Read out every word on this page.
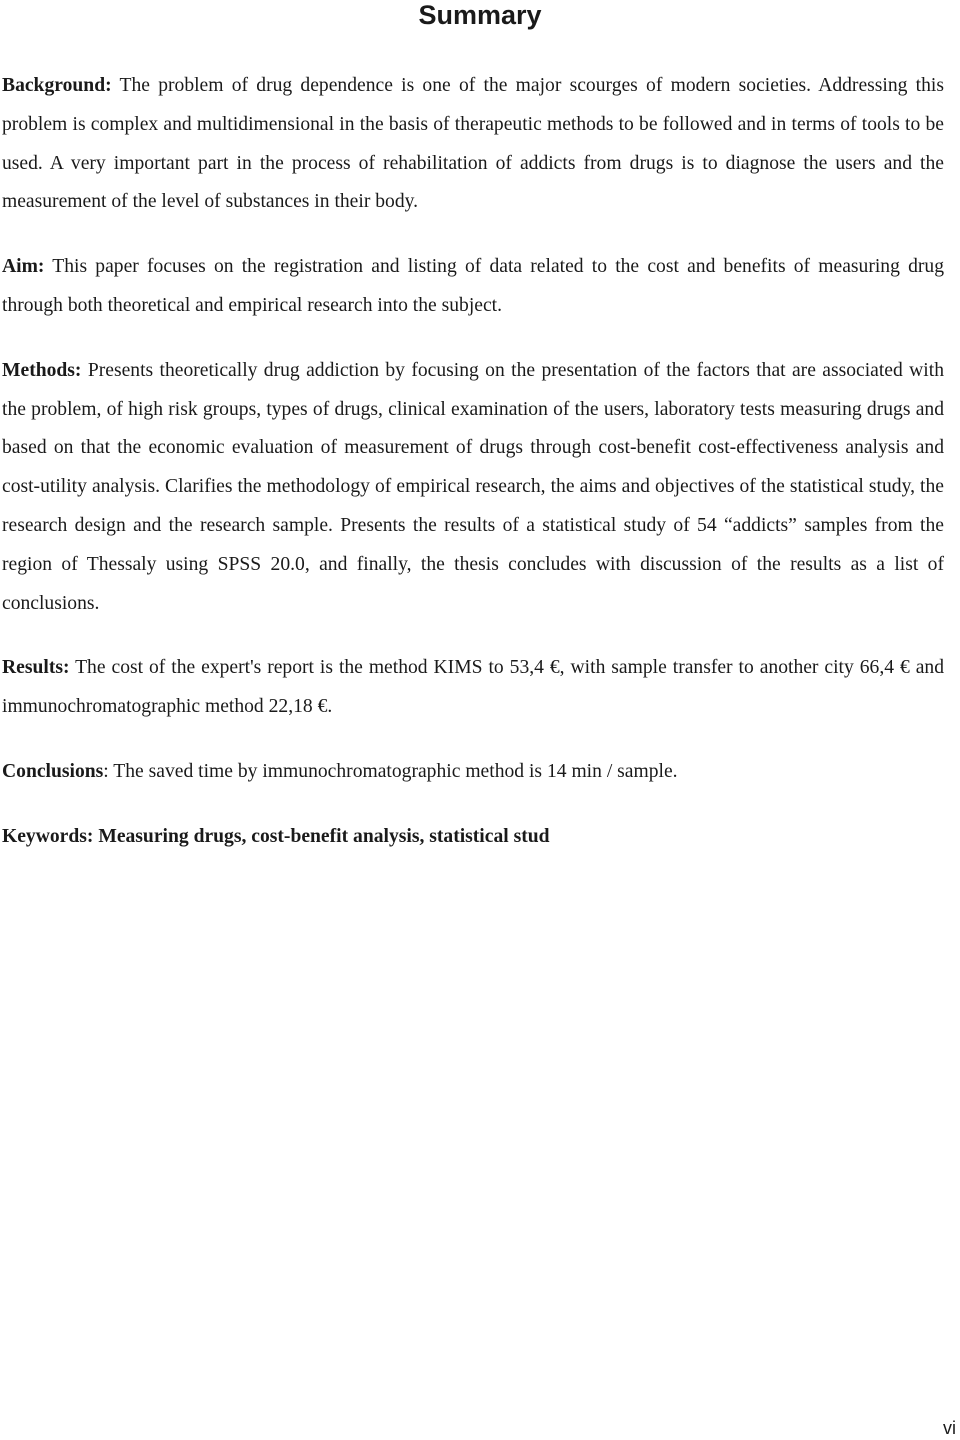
Summary

Background: The problem of drug dependence is one of the major scourges of modern societies. Addressing this problem is complex and multidimensional in the basis of therapeutic methods to be followed and in terms of tools to be used. A very important part in the process of rehabilitation of addicts from drugs is to diagnose the users and the measurement of the level of substances in their body.

Aim: This paper focuses on the registration and listing of data related to the cost and benefits of measuring drug through both theoretical and empirical research into the subject.

Methods: Presents theoretically drug addiction by focusing on the presentation of the factors that are associated with the problem, of high risk groups, types of drugs, clinical examination of the users, laboratory tests measuring drugs and based on that the economic evaluation of measurement of drugs through cost-benefit cost-effectiveness analysis and cost-utility analysis. Clarifies the methodology of empirical research, the aims and objectives of the statistical study, the research design and the research sample. Presents the results of a statistical study of 54 “addicts” samples from the region of Thessaly using SPSS 20.0, and finally, the thesis concludes with discussion of the results as a list of conclusions.

Results: The cost of the expert's report is the method KIMS to 53,4 €, with sample transfer to another city 66,4 € and immunochromatographic method 22,18 €.

Conclusions: The saved time by immunochromatographic method is 14 min / sample.

Keywords: Measuring drugs, cost-benefit analysis, statistical stud

vi
